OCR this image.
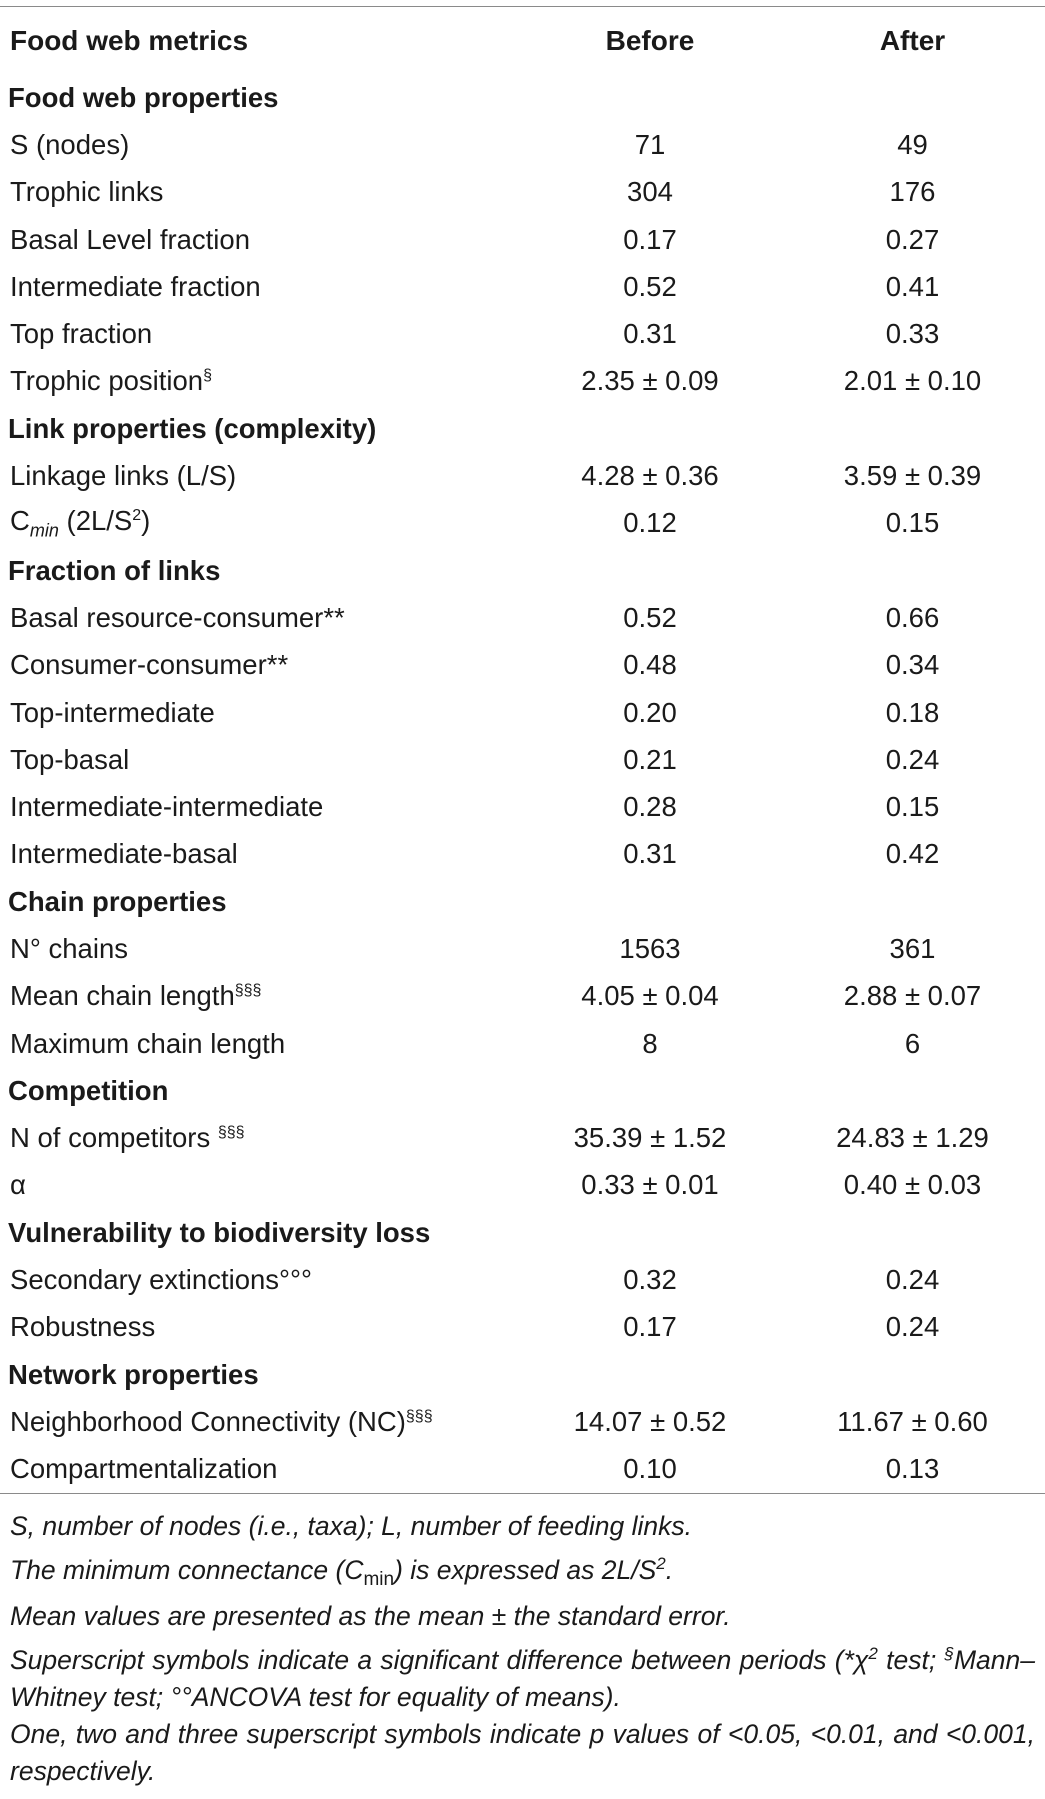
Food web metrics	Before	After
Food web properties		
S (nodes)	71	49
Trophic links	304	176
Basal Level fraction	0.17	0.27
Intermediate fraction	0.52	0.41
Top fraction	0.31	0.33
Trophic position§	2.35 ± 0.09	2.01 ± 0.10
Link properties (complexity)		
Linkage links (L/S)	4.28 ± 0.36	3.59 ± 0.39
$C_{min}$ $(2L/S^2)$	0.12	0.15
Fraction of links		
Basal resource-consumer**	0.52	0.66
Consumer-consumer**	0.48	0.34
Top-intermediate	0.20	0.18
Top-basal	0.21	0.24
Intermediate-intermediate	0.28	0.15
Intermediate-basal	0.31	0.42
Chain properties		
N° chains	1563	361
Mean chain length§§§	4.05 ± 0.04	2.88 ± 0.07
Maximum chain length	8	6
Competition		
N of competitors §§§	35.39 ± 1.52	24.83 ± 1.29
α	0.33 ± 0.01	0.40 ± 0.03
Vulnerability to biodiversity loss		
Secondary extinctions°°°	0.32	0.24
Robustness	0.17	0.24
Network properties		
Neighborhood Connectivity (NC)§§§	14.07 ± 0.52	11.67 ± 0.60
Compartmentalization	0.10	0.13
S, number of nodes (i.e., taxa); L, number of feeding links.
The minimum connectance $(C_{min})$ is expressed as $2L/S^2$.
Mean values are presented as the mean ± the standard error.
Superscript symbols indicate a significant difference between periods ($*\chi^2$ test; §Mann–Whitney test; °°ANCOVA test for equality of means).
One, two and three superscript symbols indicate p values of <0.05, <0.01, and <0.001, respectively.
